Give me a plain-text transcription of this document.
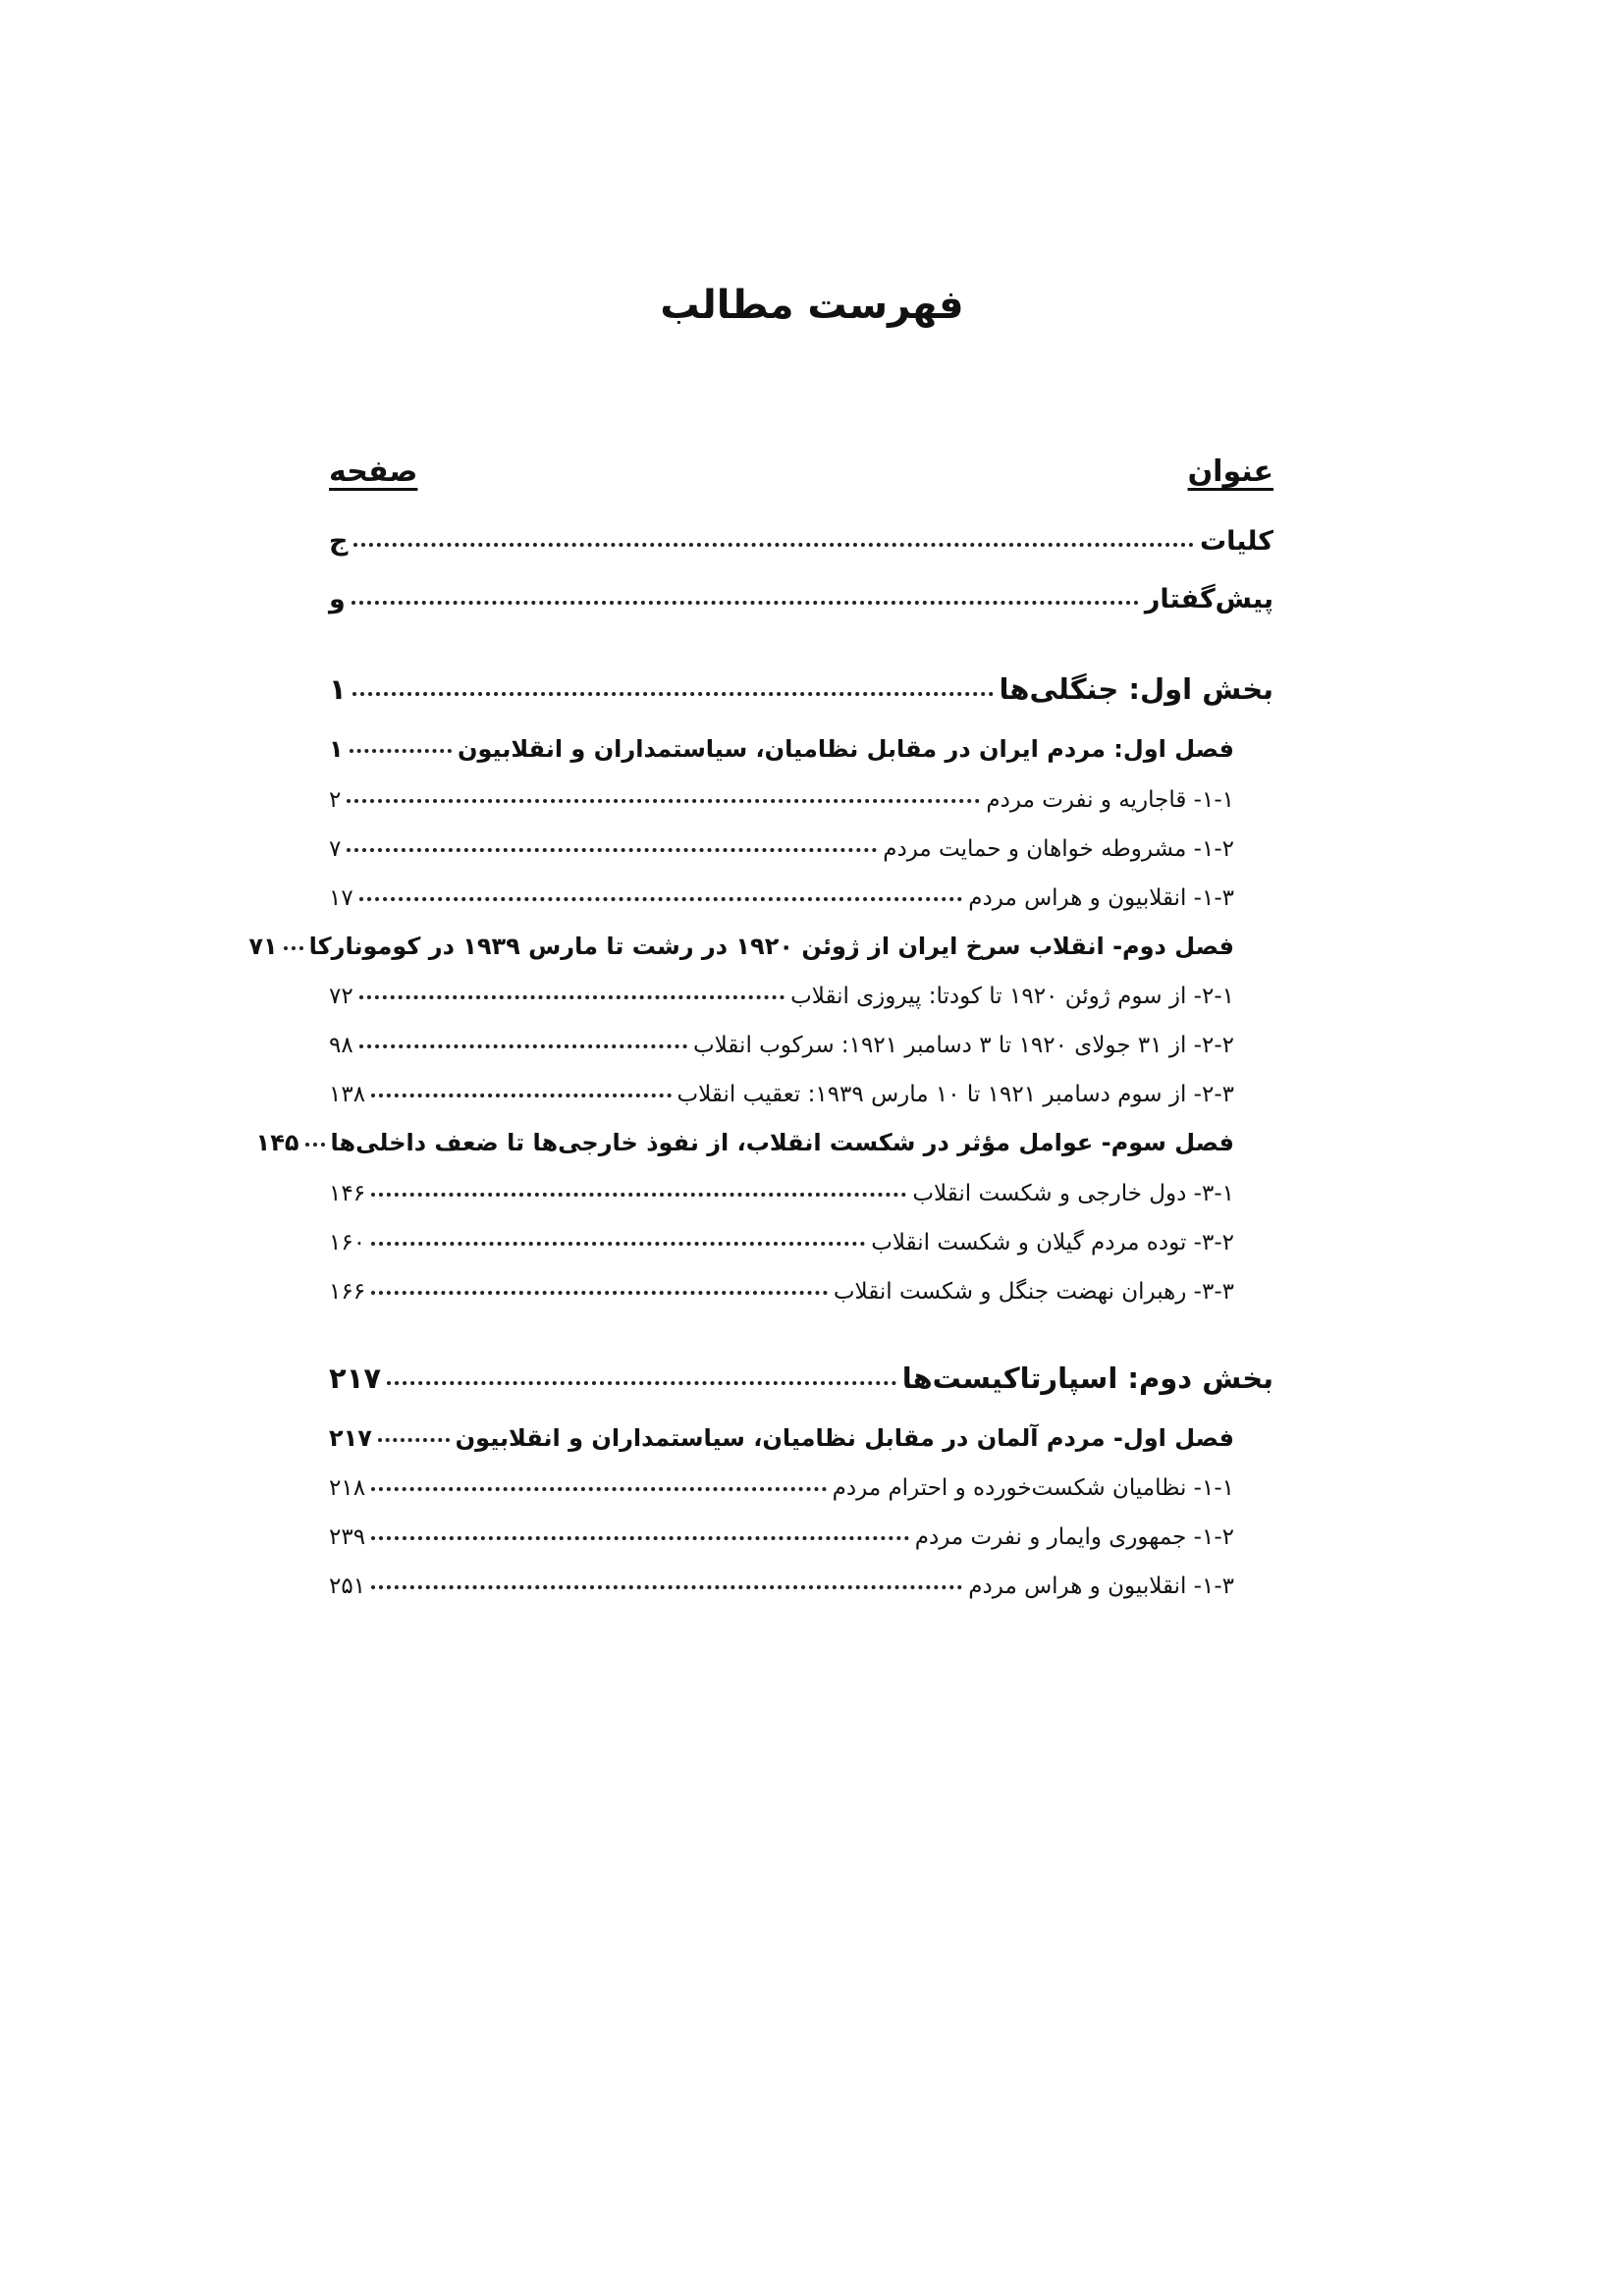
فهرست مطالب
عنوان
صفحه
کلیات
ج
پیش‌گفتار
و
بخش اول: جنگلی‌ها
۱
فصل اول: مردم ایران در مقابل نظامیان، سیاستمداران و انقلابیون
۱
۱-۱- قاجاریه و نفرت مردم
۲
۱-۲- مشروطه خواهان و حمایت مردم
۷
۱-۳- انقلابیون و هراس مردم
۱۷
فصل دوم- انقلاب سرخ ایران از ژوئن ۱۹۲۰ در رشت تا مارس ۱۹۳۹ در کومونارکا
۷۱
۲-۱- از سوم ژوئن ۱۹۲۰ تا کودتا: پیروزی انقلاب
۷۲
۲-۲- از ۳۱ جولای ۱۹۲۰ تا ۳ دسامبر ۱۹۲۱: سرکوب انقلاب
۹۸
۲-۳- از سوم دسامبر ۱۹۲۱ تا ۱۰ مارس ۱۹۳۹: تعقیب انقلاب
۱۳۸
فصل سوم- عوامل مؤثر در شکست انقلاب، از نفوذ خارجی‌ها تا ضعف داخلی‌ها
۱۴۵
۳-۱- دول خارجی و شکست انقلاب
۱۴۶
۳-۲- توده مردم گیلان و شکست انقلاب
۱۶۰
۳-۳- رهبران نهضت جنگل و شکست انقلاب
۱۶۶
بخش دوم: اسپارتاکیست‌ها
۲۱۷
فصل اول- مردم آلمان در مقابل نظامیان، سیاستمداران و انقلابیون
۲۱۷
۱-۱- نظامیان شکست‌خورده و احترام مردم
۲۱۸
۱-۲- جمهوری وایمار و نفرت مردم
۲۳۹
۱-۳- انقلابیون و هراس مردم
۲۵۱
